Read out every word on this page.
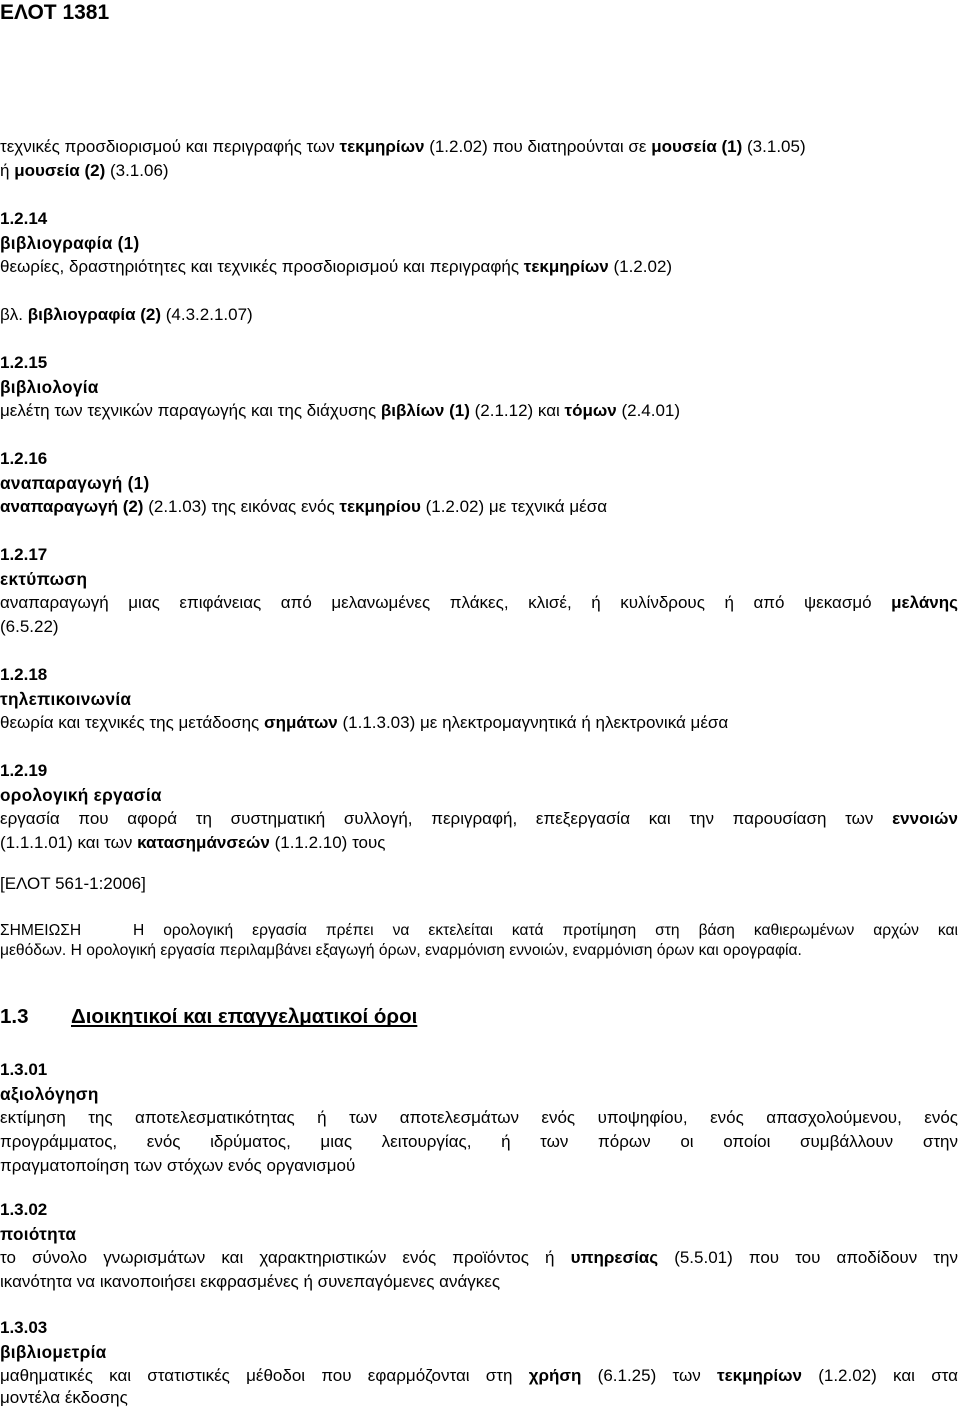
ΕΛΟΤ 1381
τεχνικές προσδιορισμού και περιγραφής των τεκμηρίων (1.2.02) που διατηρούνται σε μουσεία (1) (3.1.05)
ή μουσεία (2) (3.1.06)
1.2.14
βιβλιογραφία (1)
θεωρίες, δραστηριότητες και τεχνικές προσδιορισμού και περιγραφής τεκμηρίων (1.2.02)
βλ. βιβλιογραφία (2) (4.3.2.1.07)
1.2.15
βιβλιολογία
μελέτη των τεχνικών παραγωγής και της διάχυσης βιβλίων (1) (2.1.12) και τόμων (2.4.01)
1.2.16
αναπαραγωγή (1)
αναπαραγωγή (2) (2.1.03) της εικόνας ενός τεκμηρίου (1.2.02) με τεχνικά μέσα
1.2.17
εκτύπωση
αναπαραγωγή μιας επιφάνειας από μελανωμένες πλάκες, κλισέ, ή κυλίνδρους ή από ψεκασμό μελάνης
(6.5.22)
1.2.18
τηλεπικοινωνία
θεωρία και τεχνικές της μετάδοσης σημάτων (1.1.3.03) με ηλεκτρομαγνητικά ή ηλεκτρονικά μέσα
1.2.19
ορολογική εργασία
εργασία που αφορά τη συστηματική συλλογή, περιγραφή, επεξεργασία και την παρουσίαση των εννοιών
(1.1.1.01) και των κατασημάνσεών (1.1.2.10) τους
[ΕΛΟΤ 561-1:2006]
ΣΗΜΕΙΩΣΗ	Η ορολογική εργασία πρέπει να εκτελείται κατά προτίμηση στη βάση καθιερωμένων αρχών και
μεθόδων. Η ορολογική εργασία περιλαμβάνει εξαγωγή όρων, εναρμόνιση εννοιών, εναρμόνιση όρων και ορογραφία.
1.3 Διοικητικοί και επαγγελματικοί όροι
1.3.01
αξιολόγηση
εκτίμηση της αποτελεσματικότητας ή των αποτελεσμάτων ενός υποψηφίου, ενός απασχολούμενου, ενός
προγράμματος, ενός ιδρύματος, μιας λειτουργίας, ή των πόρων οι οποίοι συμβάλλουν στην
πραγματοποίηση των στόχων ενός οργανισμού
1.3.02
ποιότητα
το σύνολο γνωρισμάτων και χαρακτηριστικών ενός προϊόντος ή υπηρεσίας (5.5.01) που του αποδίδουν την
ικανότητα να ικανοποιήσει εκφρασμένες ή συνεπαγόμενες ανάγκες
1.3.03
βιβλιομετρία
μαθηματικές και στατιστικές μέθοδοι που εφαρμόζονται στη χρήση (6.1.25) των τεκμηρίων (1.2.02) και στα
μοντέλα έκδοσης
